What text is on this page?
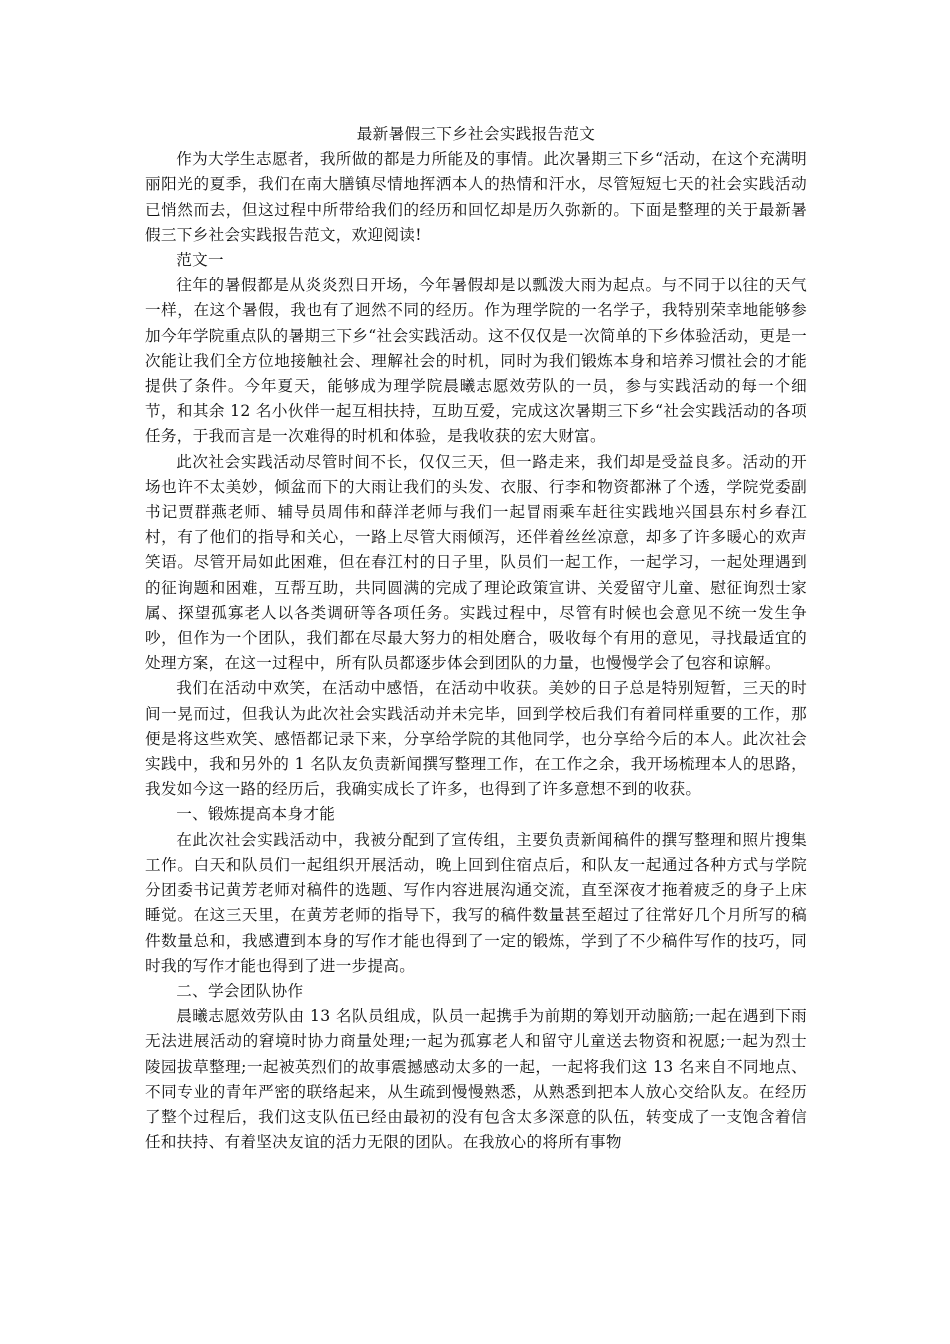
最新暑假三下乡社会实践报告范文

作为大学生志愿者，我所做的都是力所能及的事情。此次暑期三下乡“活动，在这个充满明丽阳光的夏季，我们在南大膳镇尽情地挥洒本人的热情和汗水，尽管短短七天的社会实践活动已悄然而去，但这过程中所带给我们的经历和回忆却是历久弥新的。下面是整理的关于最新暑假三下乡社会实践报告范文，欢迎阅读!

范文一

往年的暑假都是从炎炎烈日开场，今年暑假却是以瓢泼大雨为起点。与不同于以往的天气一样，在这个暑假，我也有了迥然不同的经历。作为理学院的一名学子，我特别荣幸地能够参加今年学院重点队的暑期三下乡“社会实践活动。这不仅仅是一次简单的下乡体验活动，更是一次能让我们全方位地接触社会、理解社会的时机，同时为我们锻炼本身和培养习惯社会的才能提供了条件。今年夏天，能够成为理学院晨曦志愿效劳队的一员，参与实践活动的每一个细节，和其余 12 名小伙伴一起互相扶持，互助互爱，完成这次暑期三下乡“社会实践活动的各项任务，于我而言是一次难得的时机和体验，是我收获的宏大财富。

此次社会实践活动尽管时间不长，仅仅三天，但一路走来，我们却是受益良多。活动的开场也许不太美妙，倾盆而下的大雨让我们的头发、衣服、行李和物资都淋了个透，学院党委副书记贾群燕老师、辅导员周伟和薛洋老师与我们一起冒雨乘车赶往实践地兴国县东村乡春江村，有了他们的指导和关心，一路上尽管大雨倾泻，还伴着丝丝凉意，却多了许多暖心的欢声笑语。尽管开局如此困难，但在春江村的日子里，队员们一起工作，一起学习，一起处理遇到的征询题和困难，互帮互助，共同圆满的完成了理论政策宣讲、关爱留守儿童、慰征询烈士家属、探望孤寡老人以各类调研等各项任务。实践过程中，尽管有时候也会意见不统一发生争吵，但作为一个团队，我们都在尽最大努力的相处磨合，吸收每个有用的意见，寻找最适宜的处理方案，在这一过程中，所有队员都逐步体会到团队的力量，也慢慢学会了包容和谅解。

我们在活动中欢笑，在活动中感悟，在活动中收获。美妙的日子总是特别短暂，三天的时间一晃而过，但我认为此次社会实践活动并未完毕，回到学校后我们有着同样重要的工作，那便是将这些欢笑、感悟都记录下来，分享给学院的其他同学，也分享给今后的本人。此次社会实践中，我和另外的 1 名队友负责新闻撰写整理工作，在工作之余，我开场梳理本人的思路，我发如今这一路的经历后，我确实成长了许多，也得到了许多意想不到的收获。

一、锻炼提高本身才能

在此次社会实践活动中，我被分配到了宣传组，主要负责新闻稿件的撰写整理和照片搜集工作。白天和队员们一起组织开展活动，晚上回到住宿点后，和队友一起通过各种方式与学院分团委书记黄芳老师对稿件的选题、写作内容进展沟通交流，直至深夜才拖着疲乏的身子上床睡觉。在这三天里，在黄芳老师的指导下，我写的稿件数量甚至超过了往常好几个月所写的稿件数量总和，我感遭到本身的写作才能也得到了一定的锻炼，学到了不少稿件写作的技巧，同时我的写作才能也得到了进一步提高。

二、学会团队协作

晨曦志愿效劳队由 13 名队员组成，队员一起携手为前期的筹划开动脑筋;一起在遇到下雨无法进展活动的窘境时协力商量处理;一起为孤寡老人和留守儿童送去物资和祝愿;一起为烈士陵园拔草整理;一起被英烈们的故事震撼感动太多的一起，一起将我们这 13 名来自不同地点、不同专业的青年严密的联络起来，从生疏到慢慢熟悉，从熟悉到把本人放心交给队友。在经历了整个过程后，我们这支队伍已经由最初的没有包含太多深意的队伍，转变成了一支饱含着信任和扶持、有着坚决友谊的活力无限的团队。在我放心的将所有事物
